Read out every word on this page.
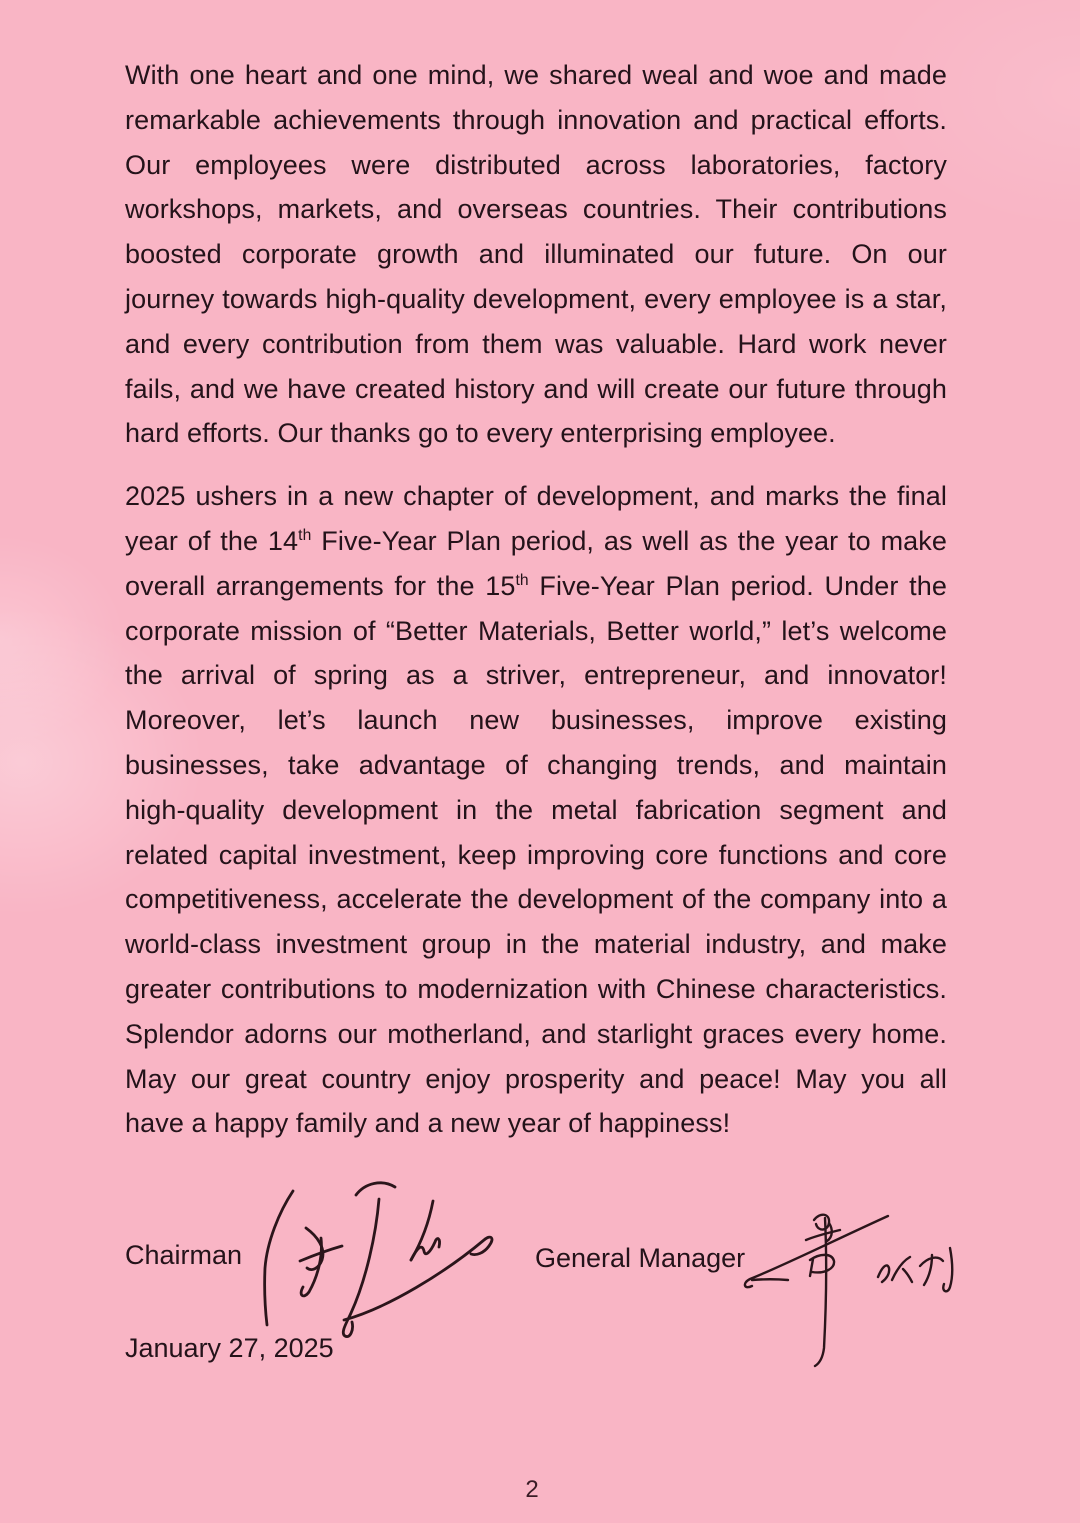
With one heart and one mind, we shared weal and woe and made
remarkable achievements through innovation and practical efforts.
Our employees were distributed across laboratories, factory
workshops, markets, and overseas countries. Their contributions
boosted corporate growth and illuminated our future. On our
journey towards high-quality development, every employee is a star,
and every contribution from them was valuable. Hard work never
fails, and we have created history and will create our future through
hard efforts. Our thanks go to every enterprising employee.
2025 ushers in a new chapter of development, and marks the final
year of the 14th Five-Year Plan period, as well as the year to make
overall arrangements for the 15th Five-Year Plan period. Under the
corporate mission of “Better Materials, Better world,” let’s welcome
the arrival of spring as a striver, entrepreneur, and innovator!
Moreover, let’s launch new businesses, improve existing
businesses, take advantage of changing trends, and maintain
high-quality development in the metal fabrication segment and
related capital investment, keep improving core functions and core
competitiveness, accelerate the development of the company into a
world-class investment group in the material industry, and make
greater contributions to modernization with Chinese characteristics.
Splendor adorns our motherland, and starlight graces every home.
May our great country enjoy prosperity and peace! May you all
have a happy family and a new year of happiness!
Chairman	General Manager
January 27, 2025
2
